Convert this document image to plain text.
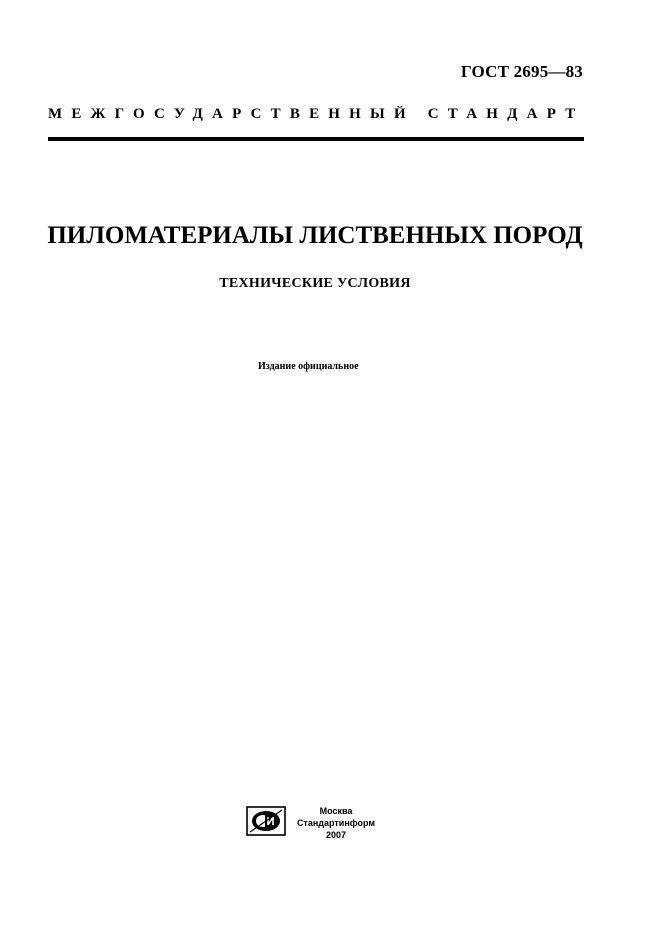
ГОСТ 2695—83
МЕЖГОСУДАРСТВЕННЫЙ СТАНДАРТ
ПИЛОМАТЕРИАЛЫ ЛИСТВЕННЫХ ПОРОД
ТЕХНИЧЕСКИЕ УСЛОВИЯ
Издание официальное
Москва
Стандартинформ
2007
